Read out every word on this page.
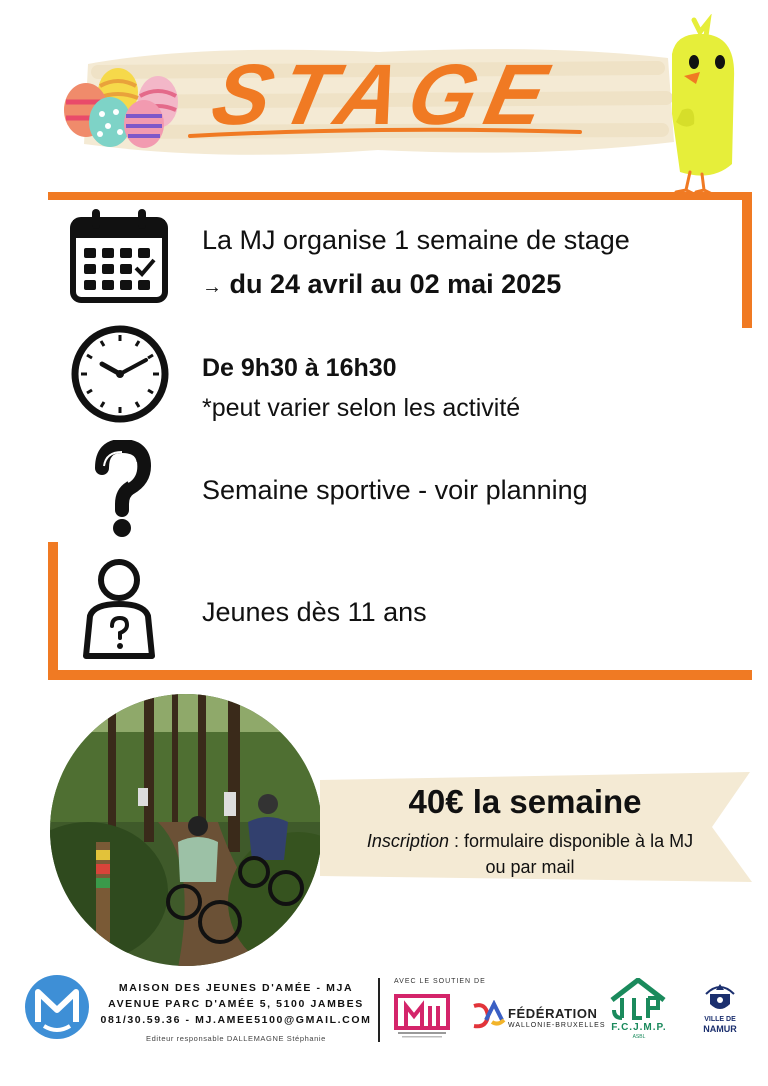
STAGE
La MJ organise 1 semaine de stage
→ du 24 avril au 02 mai 2025
De 9h30 à 16h30
*peut varier selon les activité
Semaine sportive - voir planning
Jeunes dès 11 ans
40€ la semaine
Inscription : formulaire disponible à la MJ
ou par mail
MAISON DES JEUNES D'AMÉE - MJA
AVENUE PARC D'AMÉE 5, 5100 JAMBES
081/30.59.36 - MJ.AMEE5100@GMAIL.COM
Editeur responsable DALLEMAGNE Stéphanie
AVEC LE SOUTIEN DE
FÉDÉRATION
WALLONIE-BRUXELLES F.C.J.M.P.
ASBL
VILLE DE
NAMUR
